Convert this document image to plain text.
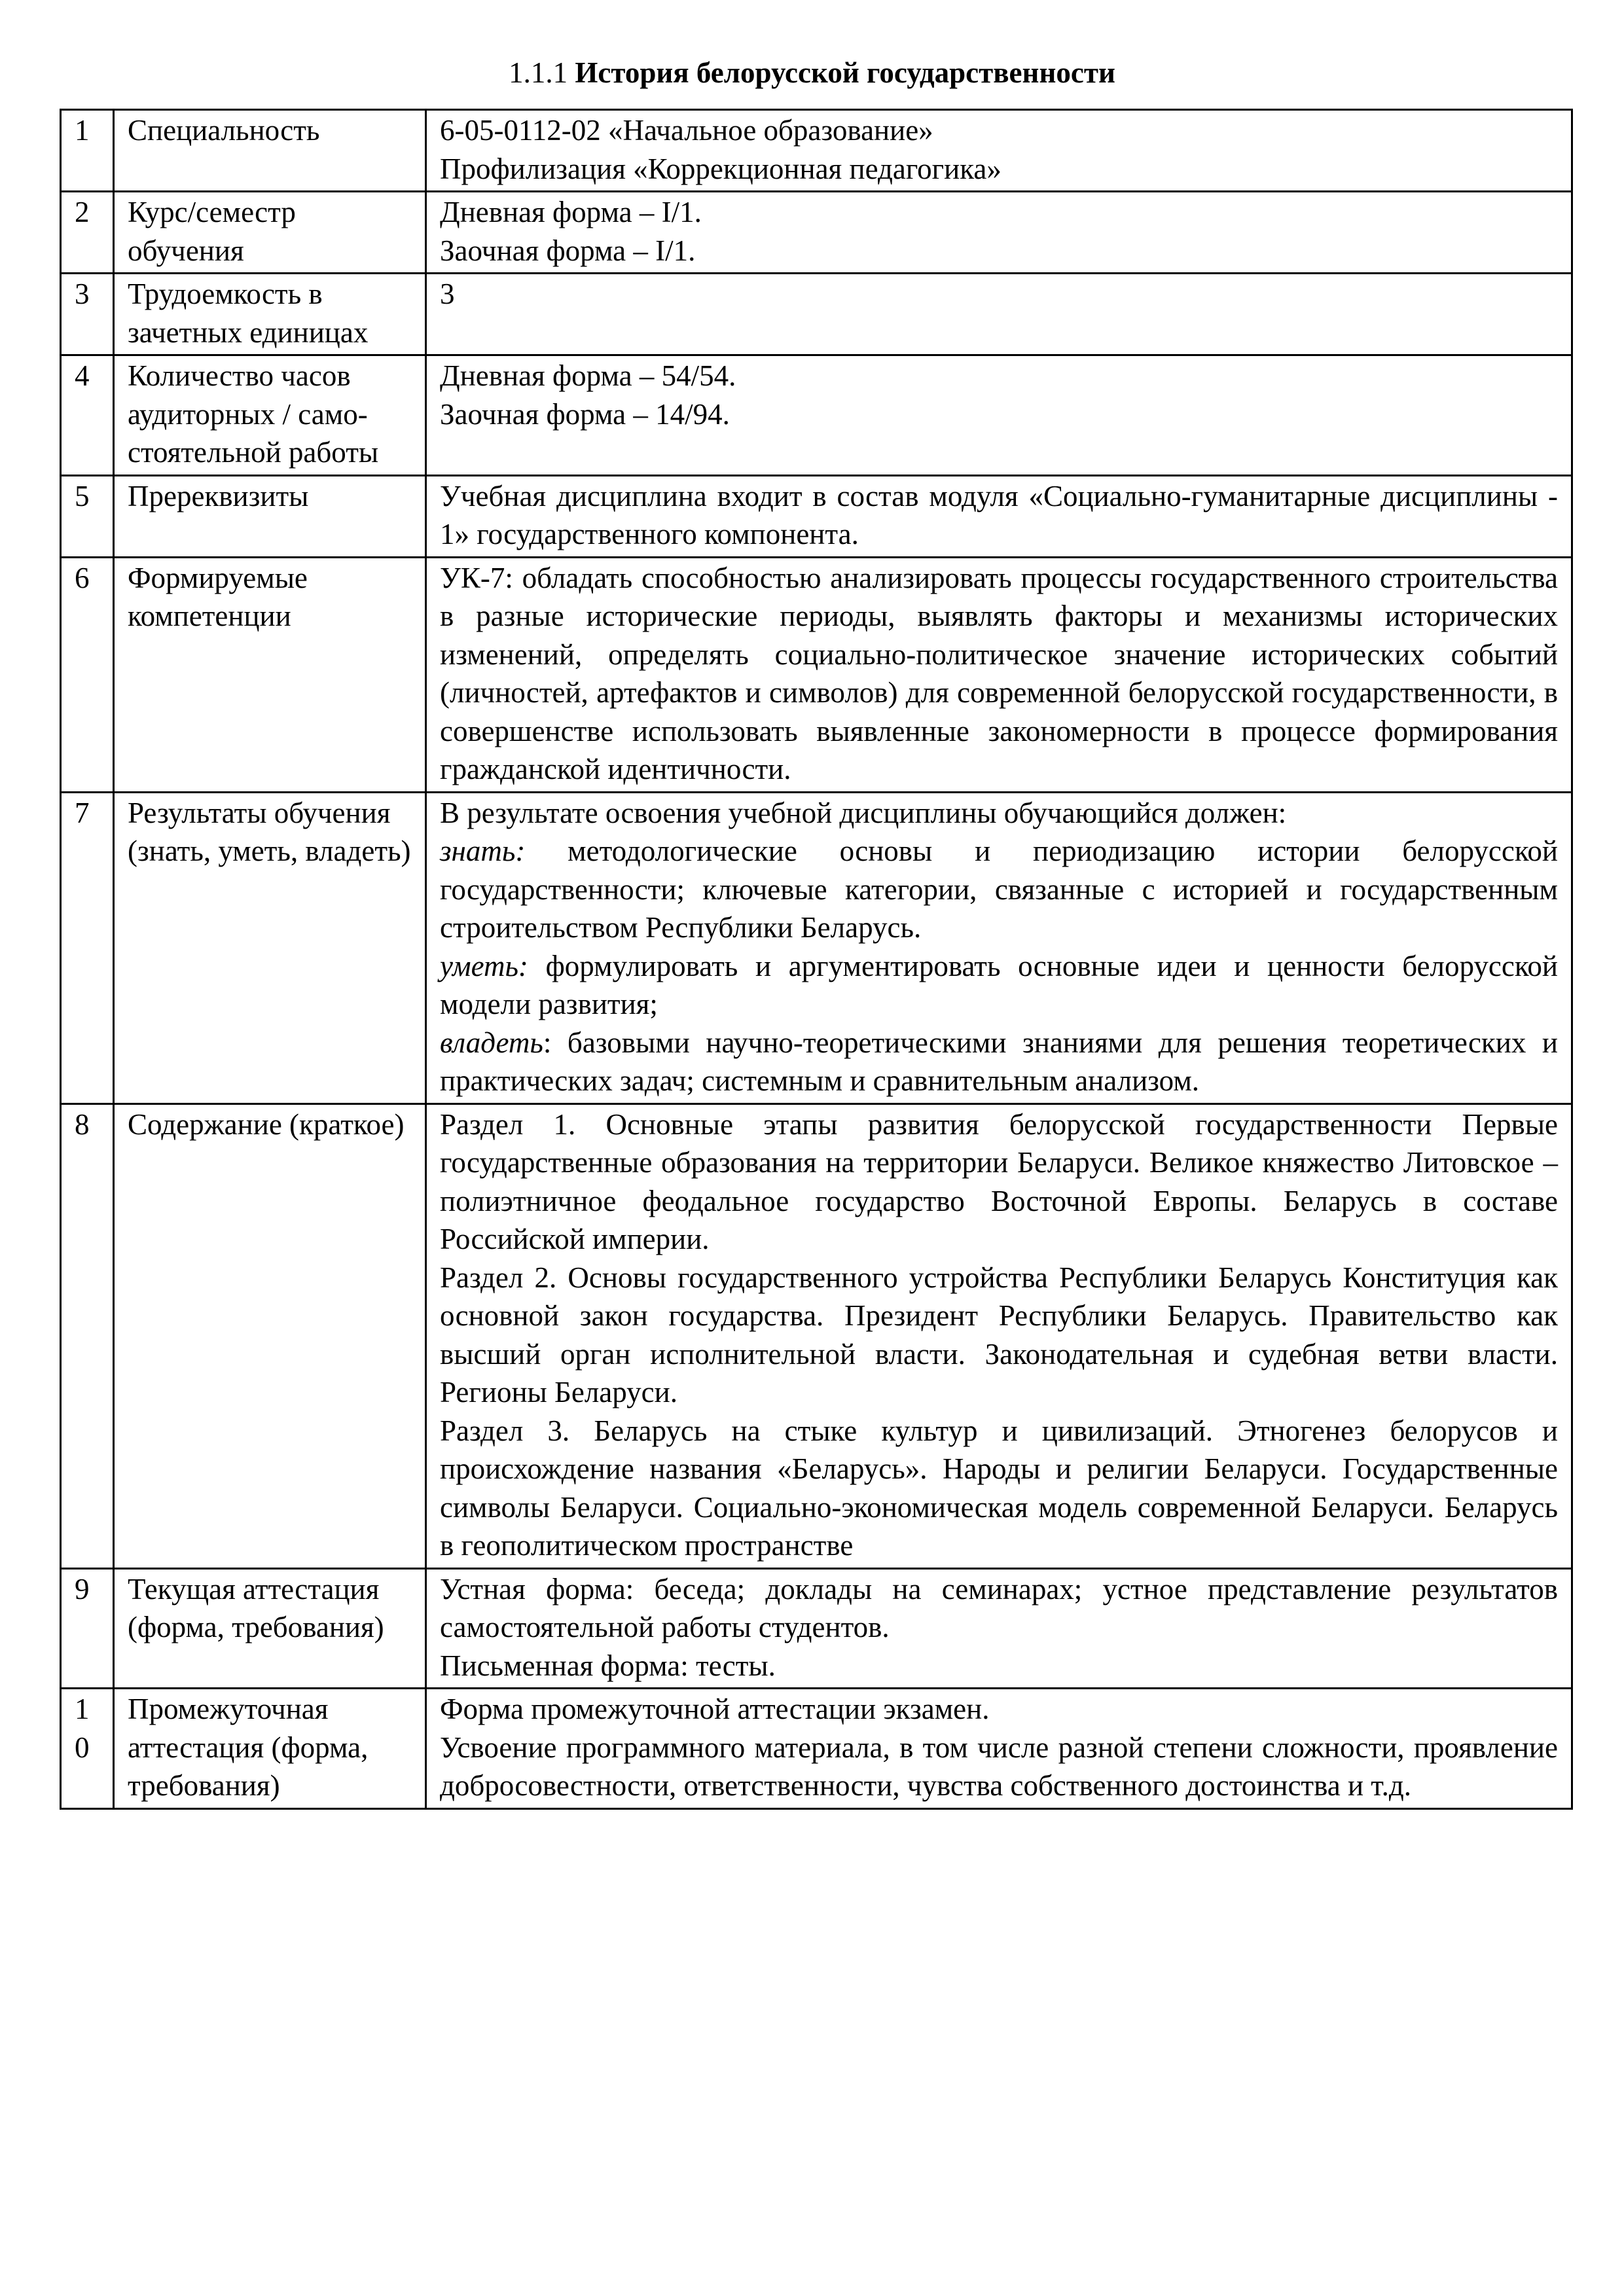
1.1.1 История белорусской государственности
1	Специальность	6-05-0112-02 «Начальное образование»
Профилизация «Коррекционная педагогика»

2	Курс/семестр обучения	Дневная форма – I/1.
Заочная форма – I/1.

3	Трудоемкость в зачетных единицах	3

4	Количество часов аудиторных / само-стоятельной работы	Дневная форма – 54/54.
Заочная форма – 14/94.

5	Пререквизиты	Учебная дисциплина входит в состав модуля «Социально-гуманитарные дисциплины - 1» государственного компонента.

6	Формируемые компетенции	УК-7: обладать способностью анализировать процессы государственного строительства в разные исторические периоды, выявлять факторы и механизмы исторических изменений, определять социально-политическое значение исторических событий (личностей, артефактов и символов) для современной белорусской государственности, в совершенстве использовать выявленные закономерности в процессе формирования гражданской идентичности.

7	Результаты обучения (знать, уметь, владеть)	В результате освоения учебной дисциплины обучающийся должен:
знать: методологические основы и периодизацию истории белорусской государственности; ключевые категории, связанные с историей и государственным строительством Республики Беларусь.
уметь: формулировать и аргументировать основные идеи и ценности белорусской модели развития;
владеть: базовыми научно-теоретическими знаниями для решения теоретических и практических задач; системным и сравнительным анализом.

8	Содержание (краткое)	Раздел 1. Основные этапы развития белорусской государственности Первые государственные образования на территории Беларуси. Великое княжество Литовское – полиэтничное феодальное государство Восточной Европы. Беларусь в составе Российской империи.
Раздел 2. Основы государственного устройства Республики Беларусь Конституция как основной закон государства. Президент Республики Беларусь. Правительство как высший орган исполнительной власти. Законодательная и судебная ветви власти. Регионы Беларуси.
Раздел 3. Беларусь на стыке культур и цивилизаций. Этногенез белорусов и происхождение названия «Беларусь». Народы и религии Беларуси. Государственные символы Беларуси. Социально-экономическая модель современной Беларуси. Беларусь в геополитическом пространстве

9	Текущая аттестация (форма, требования)	Устная форма: беседа; доклады на семинарах; устное представление результатов самостоятельной работы студентов.
Письменная форма: тесты.

10	Промежуточная аттестация (форма, требования)	Форма промежуточной аттестации экзамен.
Усвоение программного материала, в том числе разной степени сложности, проявление добросовестности, ответственности, чувства собственного достоинства и т.д.
